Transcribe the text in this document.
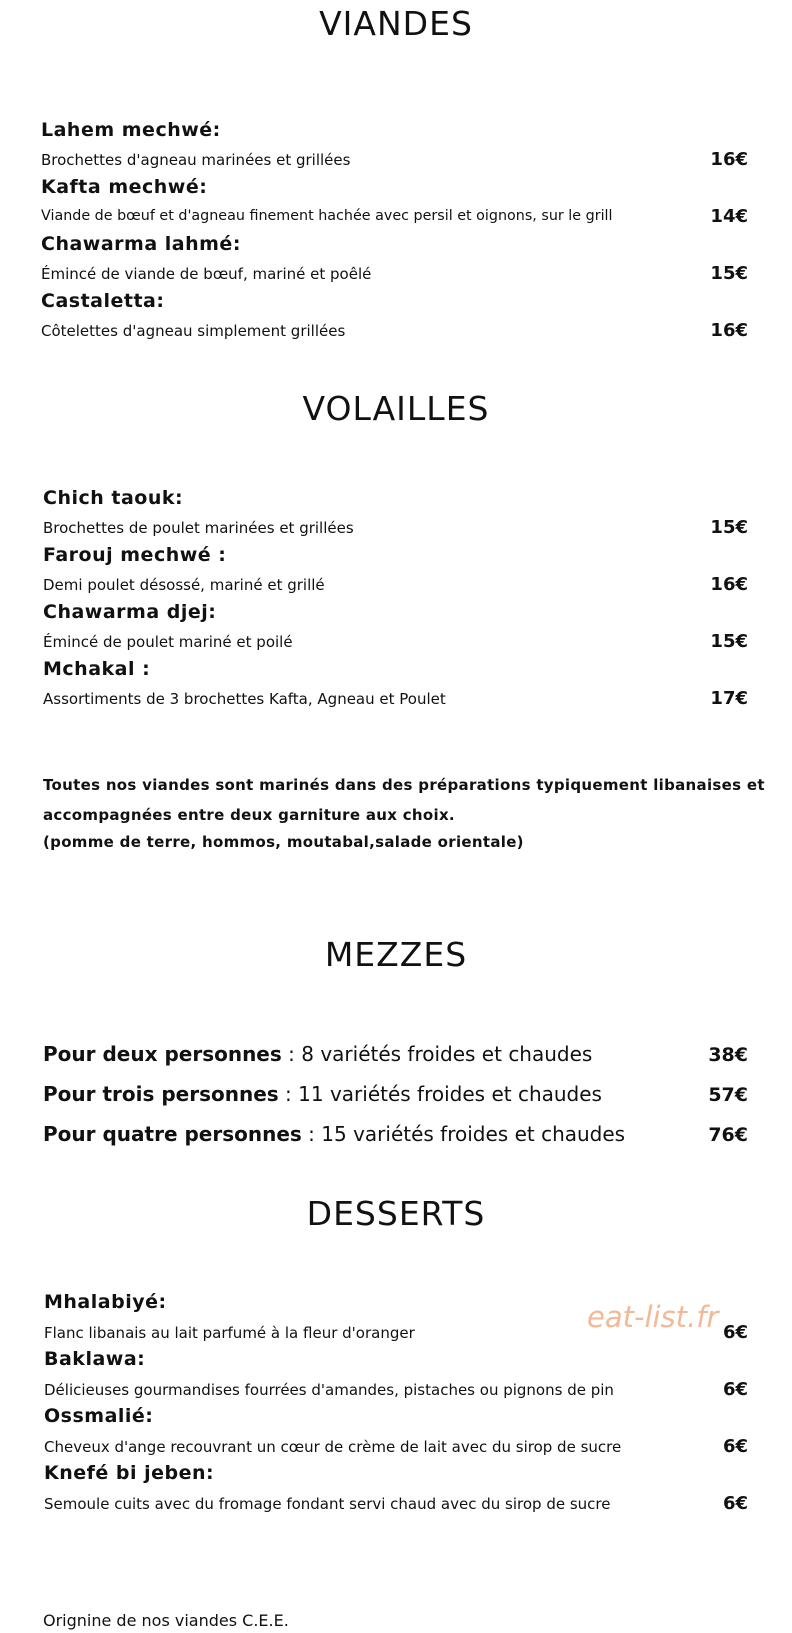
VIANDES
Lahem mechwé:
Brochettes d'agneau marinées et grillées	16€
Kafta mechwé:
Viande de bœuf et d'agneau finement hachée avec persil et oignons, sur le grill	14€
Chawarma lahmé:
Émincé de viande de bœuf, mariné et poêlé	15€
Castaletta:
Côtelettes d'agneau simplement grillées	16€
VOLAILLES
Chich taouk:
Brochettes de poulet marinées et grillées	15€
Farouj mechwé :
Demi poulet désossé, mariné et grillé	16€
Chawarma djej:
Émincé de poulet mariné et poilé	15€
Mchakal :
Assortiments de 3 brochettes Kafta, Agneau et Poulet	17€
Toutes nos viandes sont marinés dans des préparations typiquement libanaises et
accompagnées entre deux garniture aux choix.
(pomme de terre, hommos, moutabal,salade orientale)
MEZZES
Pour deux personnes : 8 variétés froides et chaudes	38€
Pour trois personnes : 11 variétés froides et chaudes	57€
Pour quatre personnes : 15 variétés froides et chaudes	76€
DESSERTS
Mhalabiyé:
Flanc libanais au lait parfumé à la fleur d'oranger	6€
Baklawa:
Délicieuses gourmandises fourrées d'amandes, pistaches ou pignons de pin	6€
Ossmalié:
Cheveux d'ange recouvrant un cœur de crème de lait avec du sirop de sucre	6€
Knefé bi jeben:
Semoule cuits avec du fromage fondant servi chaud avec du sirop de sucre	6€
eat-list.fr
Orignine de nos viandes C.E.E.
